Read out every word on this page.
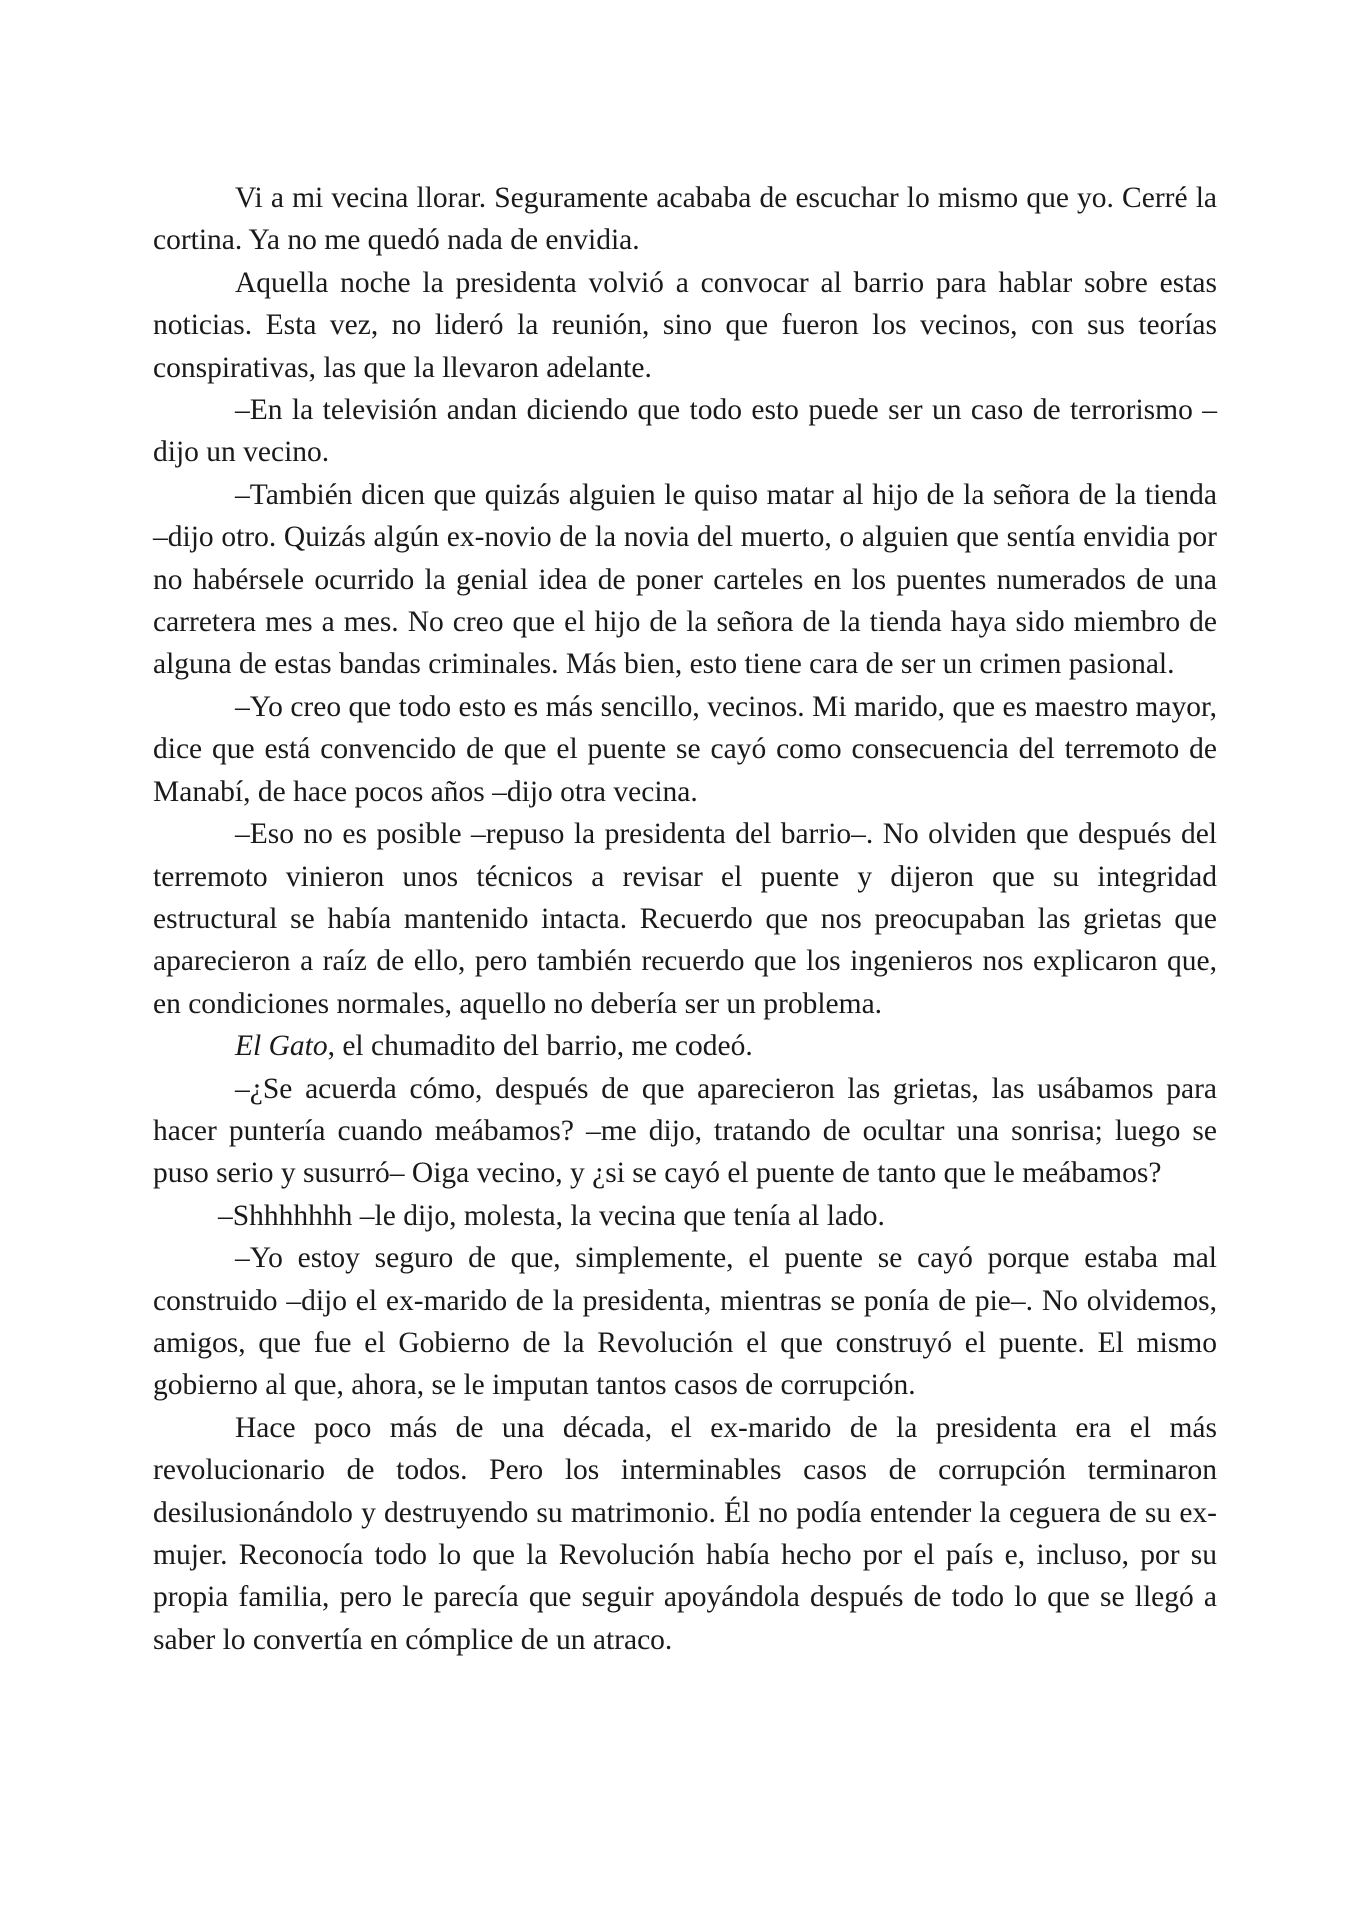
Vi a mi vecina llorar. Seguramente acababa de escuchar lo mismo que yo. Cerré la cortina. Ya no me quedó nada de envidia.

Aquella noche la presidenta volvió a convocar al barrio para hablar sobre estas noticias. Esta vez, no lideró la reunión, sino que fueron los vecinos, con sus teorías conspirativas, las que la llevaron adelante.

–En la televisión andan diciendo que todo esto puede ser un caso de terrorismo –dijo un vecino.

–También dicen que quizás alguien le quiso matar al hijo de la señora de la tienda –dijo otro. Quizás algún ex-novio de la novia del muerto, o alguien que sentía envidia por no habérsele ocurrido la genial idea de poner carteles en los puentes numerados de una carretera mes a mes. No creo que el hijo de la señora de la tienda haya sido miembro de alguna de estas bandas criminales. Más bien, esto tiene cara de ser un crimen pasional.

–Yo creo que todo esto es más sencillo, vecinos. Mi marido, que es maestro mayor, dice que está convencido de que el puente se cayó como consecuencia del terremoto de Manabí, de hace pocos años –dijo otra vecina.

–Eso no es posible –repuso la presidenta del barrio–. No olviden que después del terremoto vinieron unos técnicos a revisar el puente y dijeron que su integridad estructural se había mantenido intacta. Recuerdo que nos preocupaban las grietas que aparecieron a raíz de ello, pero también recuerdo que los ingenieros nos explicaron que, en condiciones normales, aquello no debería ser un problema.

El Gato, el chumadito del barrio, me codeó.

–¿Se acuerda cómo, después de que aparecieron las grietas, las usábamos para hacer puntería cuando meábamos? –me dijo, tratando de ocultar una sonrisa; luego se puso serio y susurró– Oiga vecino, y ¿si se cayó el puente de tanto que le meábamos?

–Shhhhhhh –le dijo, molesta, la vecina que tenía al lado.

–Yo estoy seguro de que, simplemente, el puente se cayó porque estaba mal construido –dijo el ex-marido de la presidenta, mientras se ponía de pie–. No olvidemos, amigos, que fue el Gobierno de la Revolución el que construyó el puente. El mismo gobierno al que, ahora, se le imputan tantos casos de corrupción.

Hace poco más de una década, el ex-marido de la presidenta era el más revolucionario de todos. Pero los interminables casos de corrupción terminaron desilusionándolo y destruyendo su matrimonio. Él no podía entender la ceguera de su ex-mujer. Reconocía todo lo que la Revolución había hecho por el país e, incluso, por su propia familia, pero le parecía que seguir apoyándola después de todo lo que se llegó a saber lo convertía en cómplice de un atraco.
